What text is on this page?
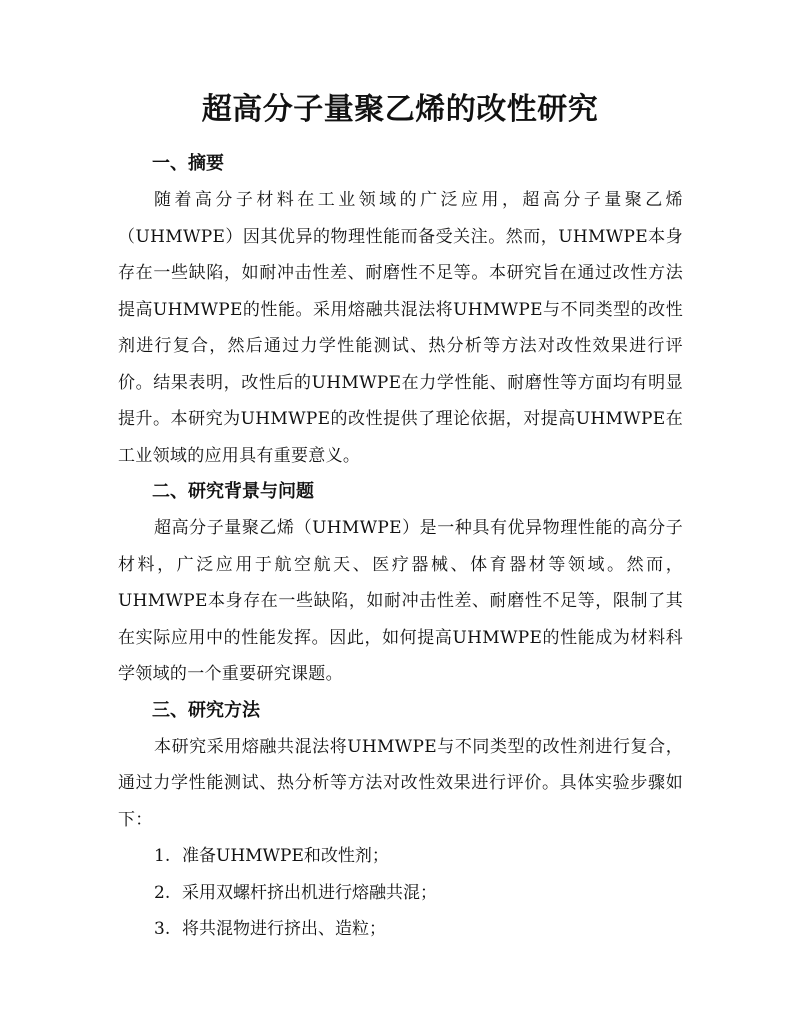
超高分子量聚乙烯的改性研究
一、摘要

随着高分子材料在工业领域的广泛应用，超高分子量聚乙烯（UHMWPE）因其优异的物理性能而备受关注。然而，UHMWPE本身存在一些缺陷，如耐冲击性差、耐磨性不足等。本研究旨在通过改性方法提高UHMWPE的性能。采用熔融共混法将UHMWPE与不同类型的改性剂进行复合，然后通过力学性能测试、热分析等方法对改性效果进行评价。结果表明，改性后的UHMWPE在力学性能、耐磨性等方面均有明显提升。本研究为UHMWPE的改性提供了理论依据，对提高UHMWPE在工业领域的应用具有重要意义。

二、研究背景与问题

超高分子量聚乙烯（UHMWPE）是一种具有优异物理性能的高分子材料，广泛应用于航空航天、医疗器械、体育器材等领域。然而，UHMWPE本身存在一些缺陷，如耐冲击性差、耐磨性不足等，限制了其在实际应用中的性能发挥。因此，如何提高UHMWPE的性能成为材料科学领域的一个重要研究课题。

三、研究方法

本研究采用熔融共混法将UHMWPE与不同类型的改性剂进行复合，通过力学性能测试、热分析等方法对改性效果进行评价。具体实验步骤如下：

1. 准备UHMWPE和改性剂；
2. 采用双螺杆挤出机进行熔融共混；
3. 将共混物进行挤出、造粒；
